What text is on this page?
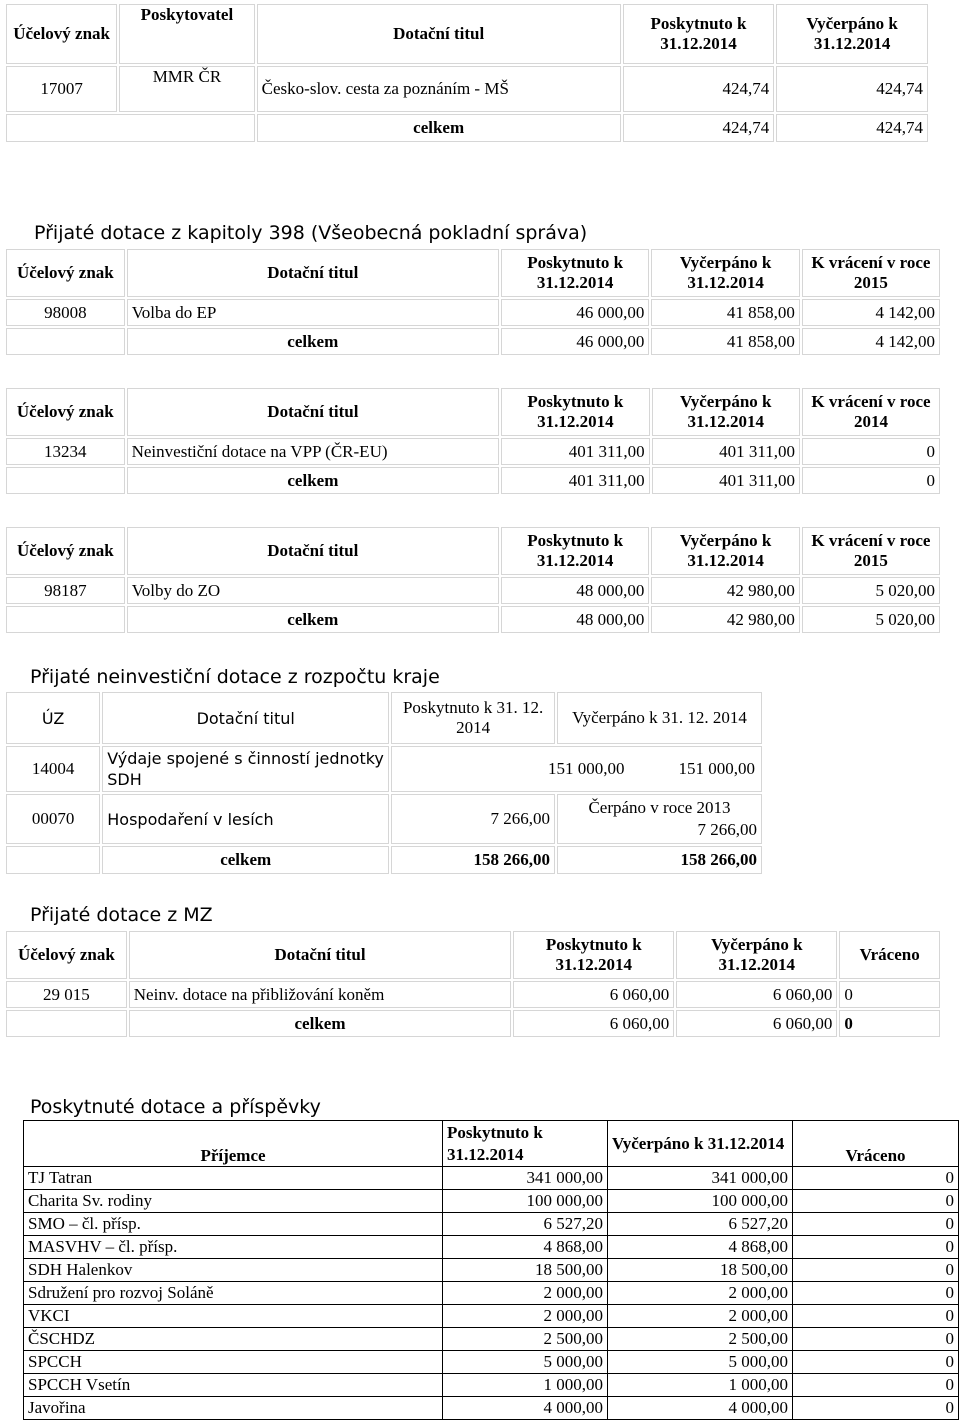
Účelový znak	Poskytovatel	Dotační titul	Poskytnuto k 31.12.2014	Vyčerpáno k 31.12.2014
17007	MMR ČR	Česko-slov. cesta za poznáním - MŠ	424,74	424,74
		celkem	424,74	424,74
Přijaté dotace z kapitoly 398 (Všeobecná pokladní správa)
Účelový znak	Dotační titul	Poskytnuto k 31.12.2014	Vyčerpáno k 31.12.2014	K vrácení v roce 2015
98008	Volba do EP	46 000,00	41 858,00	4 142,00
	celkem	46 000,00	41 858,00	4 142,00
Účelový znak	Dotační titul	Poskytnuto k 31.12.2014	Vyčerpáno k 31.12.2014	K vrácení v roce 2014
13234	Neinvestiční dotace na VPP (ČR-EU)	401 311,00	401 311,00	0
	celkem	401 311,00	401 311,00	0
Účelový znak	Dotační titul	Poskytnuto k 31.12.2014	Vyčerpáno k 31.12.2014	K vrácení v roce 2015
98187	Volby do ZO	48 000,00	42 980,00	5 020,00
	celkem	48 000,00	42 980,00	5 020,00
Přijaté neinvestiční dotace z rozpočtu kraje
ÚZ	Dotační titul	Poskytnuto k 31. 12. 2014	Vyčerpáno k 31. 12. 2014
14004	Výdaje spojené s činností jednotky SDH	151 000,00 151 000,00	

00070	Hospodaření v lesích	7 266,00	Čerpáno v roce 2013
7 266,00

	celkem	158 266,00	158 266,00
Přijaté dotace z MZ
Účelový znak	Dotační titul	Poskytnuto k 31.12.2014	Vyčerpáno k 31.12.2014	Vráceno
29 015	Neinv. dotace na přibližování koněm	6 060,00	6 060,00	0
	celkem	6 060,00	6 060,00	0
Poskytnuté dotace a příspěvky
Příjemce	Poskytnuto k 31.12.2014	Vyčerpáno k 31.12.2014	Vráceno
TJ Tatran	341 000,00	341 000,00	0
Charita Sv. rodiny	100 000,00	100 000,00	0
SMO – čl. přísp.	6 527,20	6 527,20	0
MASVHV – čl. přísp.	4 868,00	4 868,00	0
SDH Halenkov	18 500,00	18 500,00	0
Sdružení pro rozvoj Soláně	2 000,00	2 000,00	0
VKCI	2 000,00	2 000,00	0
ČSCHDZ	2 500,00	2 500,00	0
SPCCH	5 000,00	5 000,00	0
SPCCH Vsetín	1 000,00	1 000,00	0
Javořina	4 000,00	4 000,00	0
